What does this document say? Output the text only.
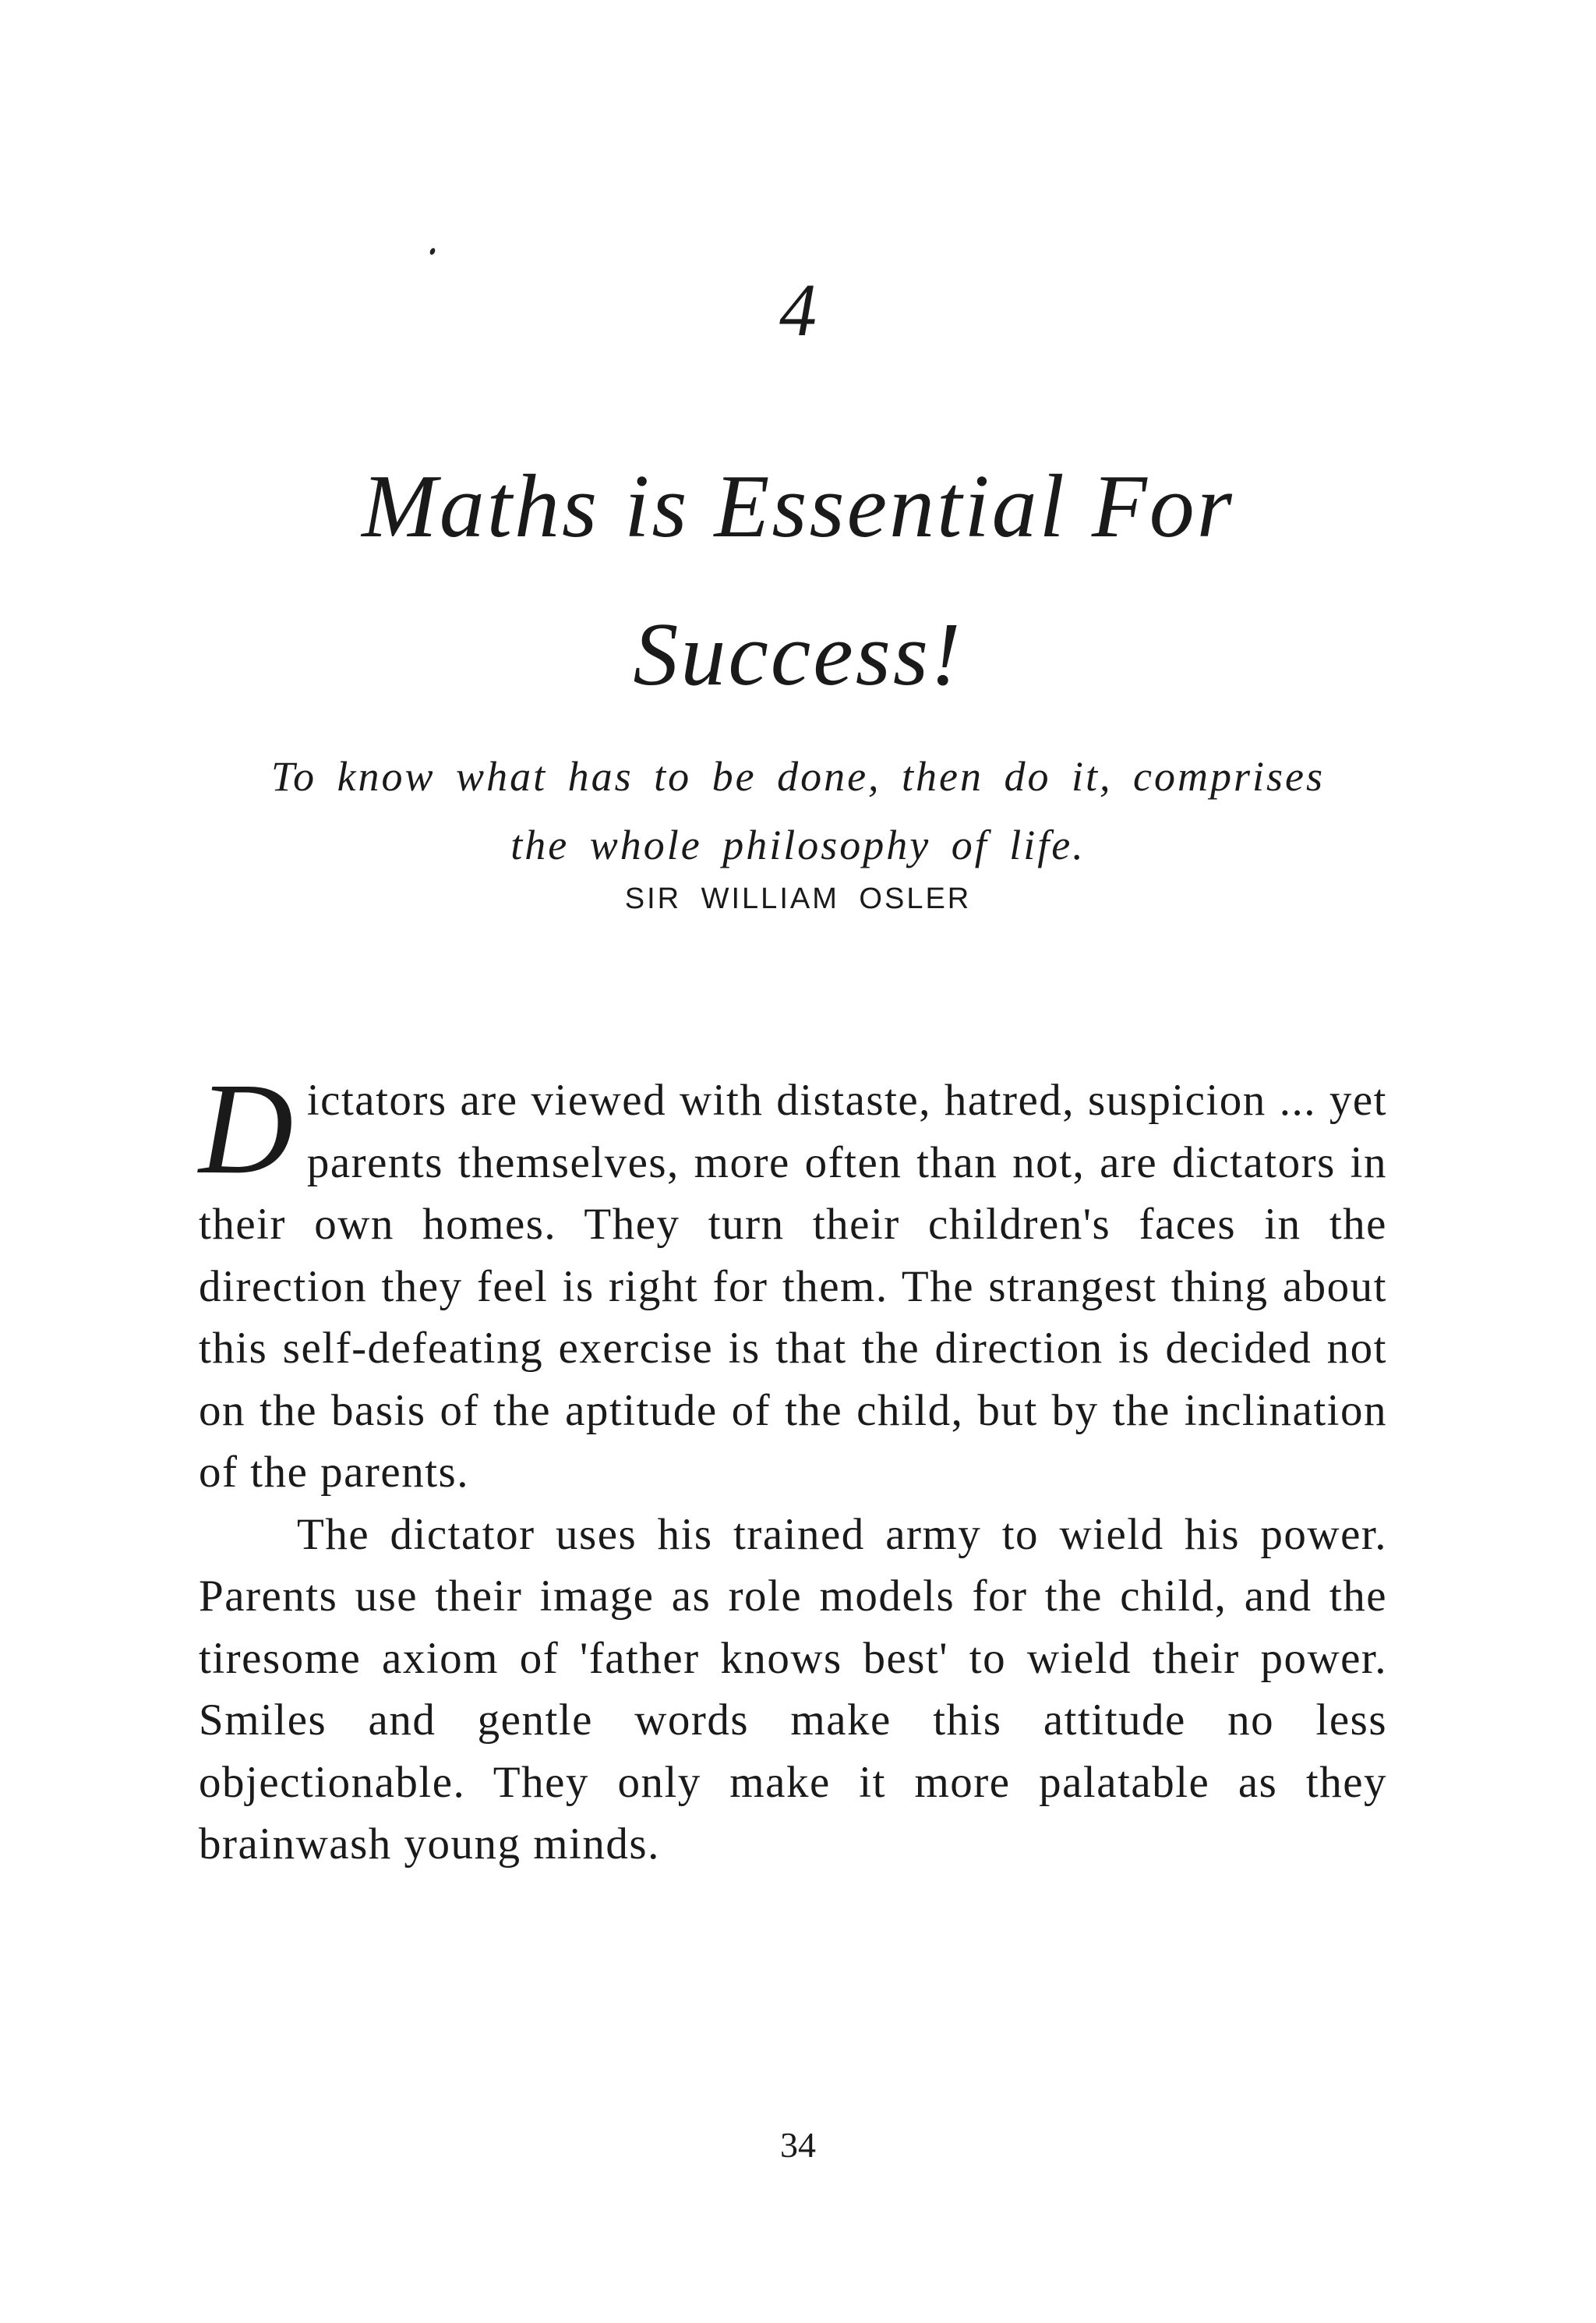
4
Maths is Essential For Success!

To know what has to be done, then do it, comprises the whole philosophy of life.

SIR WILLIAM OSLER

Dictators are viewed with distaste, hatred, suspicion ... yet parents themselves, more often than not, are dictators in their own homes. They turn their children's faces in the direction they feel is right for them. The strangest thing about this self-defeating exercise is that the direction is decided not on the basis of the aptitude of the child, but by the inclination of the parents.

The dictator uses his trained army to wield his power. Parents use their image as role models for the child, and the tiresome axiom of 'father knows best' to wield their power. Smiles and gentle words make this attitude no less objectionable. They only make it more palatable as they brainwash young minds.

34
